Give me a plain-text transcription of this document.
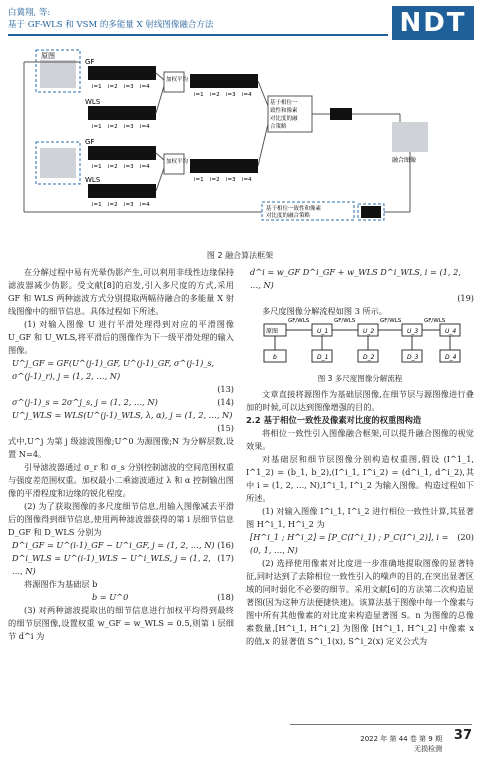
白冀翔, 等:
基于 GF-WLS 和 VSM 的多能量 X 射线图像融合方法	NDT
原图
GF
i=1 i=2 i=3 i=4
WLS
i=1 i=2 i=3 i=4
加权平均
i=1 i=2 i=3 i=4
基于相位一
致性和像素
对比度的融
合策略
GF
i=1 i=2 i=3 i=4
WLS
i=1 i=2 i=3 i=4
加权平均
i=1 i=2 i=3 i=4
基于相位一致性和像素
对比度的融合策略
融合图像
图 2 融合算法框架

在分解过程中易有光晕伪影产生,可以利用非线性边缘保持滤波器减少伪影。受文献[8]的启发,引入多尺度的方式,采用 GF 和 WLS 两种滤波方式分别提取两幅待融合的多能量 X 射线图像中的细节信息。具体过程如下所述。

(1) 对输入图像 U 进行平滑处理得到对应的平滑图像 U_GF 和 U_WLS,将平滑后的图像作为下一级平滑处理的输入图像。

U^j_GF = GF(U^(j-1)_GF, U^(j-1)_GF, σ^(j-1)_s, σ^(j-1)_r), j = (1, 2, …, N)
(13)
σ^(j-1)_s = 2σ^j_s, j = (1, 2, …, N)	(14)
U^j_WLS = WLS(U^(j-1)_WLS, λ, α), j = (1, 2, …, N)
(15)

式中,U^j 为第 j 级滤波图像;U^0 为源图像;N 为分解层数,设置 N=4。

引导滤波器通过 σ_r 和 σ_s 分别控制滤波的空间范围权重与强度差范围权重。加权最小二乘滤波通过 λ 和 α 控制输出图像的平滑程度和边缘的锐化程度。

(2) 为了获取图像的多尺度细节信息,用输入图像减去平滑后的图像得到细节信息,使用两种滤波器获得的第 i 层细节信息 D_GF 和 D_WLS 分别为

D^i_GF = U^(i-1)_GF − U^i_GF, j = (1, 2, …, N) (16)
D^i_WLS = U^(i-1)_WLS − U^i_WLS, j = (1, 2, …, N)
(17)

将源图作为基础层 b

b = U^0	(18)

(3) 对两种滤波提取出的细节信息进行加权平均得到最终的细节层图像,设置权重 w_GF = w_WLS = 0.5,则第 i 层细节 d^i 为

d^i = w_GF D^i_GF + w_WLS D^i_WLS, i = (1, 2, …, N)
(19)

多尺度图像分解流程如图 3 所示。

原图
GF/WLS	GF/WLS	GF/WLS	GF/WLS
U_1	U_2	U_3	U_4
b	D_1	D_2	D_3	D_4
图 3 多尺度图像分解流程

文章直接将源图作为基础层图像,在细节层与源图像进行叠加的时候,可以达到图像增强的目的。

2.2 基于相位一致性及像素对比度的权重图构造

将相位一致性引入图像融合框架,可以提升融合图像的视觉效果。

对基础层和细节层图像分别构造权重图,假设 (I^1_1, I^1_2) = (b_1, b_2),(I^i_1, I^i_2) = (d^i_1, d^i_2),其中 i = (1, 2, …, N),I^i_1, I^i_2 为输入图像。构造过程如下所述。

(1) 对输入图像 I^i_1, I^i_2 进行相位一致性计算,其显著图 H^i_1, H^i_2 为

[H^i_1 ; H^i_2] = [P_C(I^i_1) ; P_C(I^i_2)], i = (0, 1, …, N)
(20)

(2) 选择使用像素对比度进一步准确地提取图像的显著特征,同时达到了去除相位一致性引入的噪声的目的,在突出显著区域的同时弱化不必要的细节。采用文献[6]的方法第二次构造显著图(因为这种方法便捷快速)。该算法基于图像中每一个像素与图中所有其他像素的对比度来构造显著图 S。n 为图像的总像素数量,[H^i_1, H^i_2] 为图像 [H^i_1, H^i_2] 中像素 x 的值,x 的显著值 S^i_1(x), S^i_2(x) 定义公式为

2022 年 第 44 卷 第 9 期
无损检测
37
